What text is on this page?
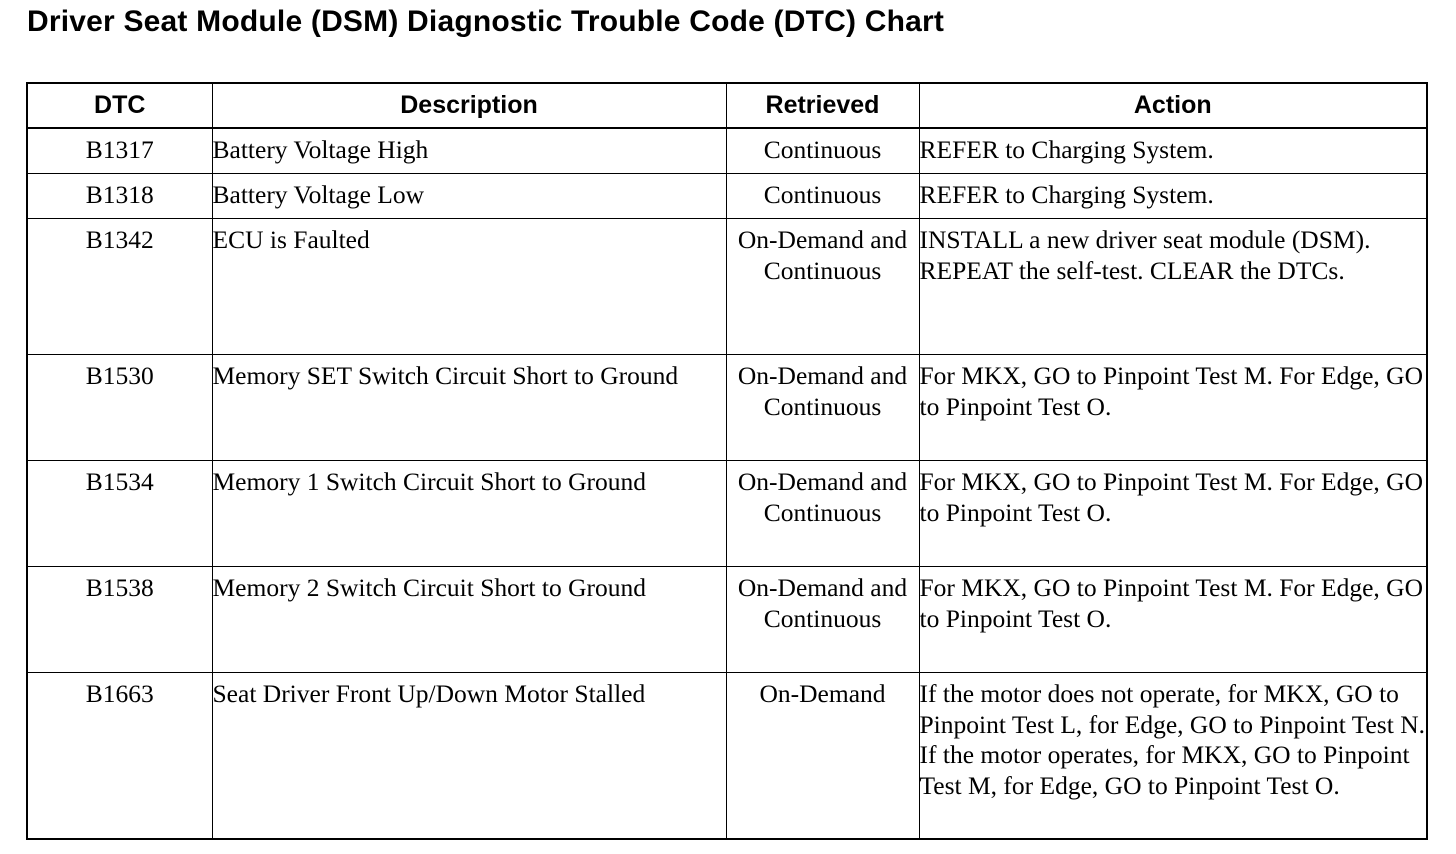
Driver Seat Module (DSM) Diagnostic Trouble Code (DTC) Chart
DTC	Description	Retrieved	Action
B1317	Battery Voltage High	Continuous	REFER to Charging System.
B1318	Battery Voltage Low	Continuous	REFER to Charging System.
B1342	ECU is Faulted	On-Demand and Continuous	INSTALL a new driver seat module (DSM). REPEAT the self-test. CLEAR the DTCs.
B1530	Memory SET Switch Circuit Short to Ground	On-Demand and Continuous	For MKX, GO to Pinpoint Test M. For Edge, GO to Pinpoint Test O.
B1534	Memory 1 Switch Circuit Short to Ground	On-Demand and Continuous	For MKX, GO to Pinpoint Test M. For Edge, GO to Pinpoint Test O.
B1538	Memory 2 Switch Circuit Short to Ground	On-Demand and Continuous	For MKX, GO to Pinpoint Test M. For Edge, GO to Pinpoint Test O.
B1663	Seat Driver Front Up/Down Motor Stalled	On-Demand	If the motor does not operate, for MKX, GO to Pinpoint Test L, for Edge, GO to Pinpoint Test N. If the motor operates, for MKX, GO to Pinpoint Test M, for Edge, GO to Pinpoint Test O.
